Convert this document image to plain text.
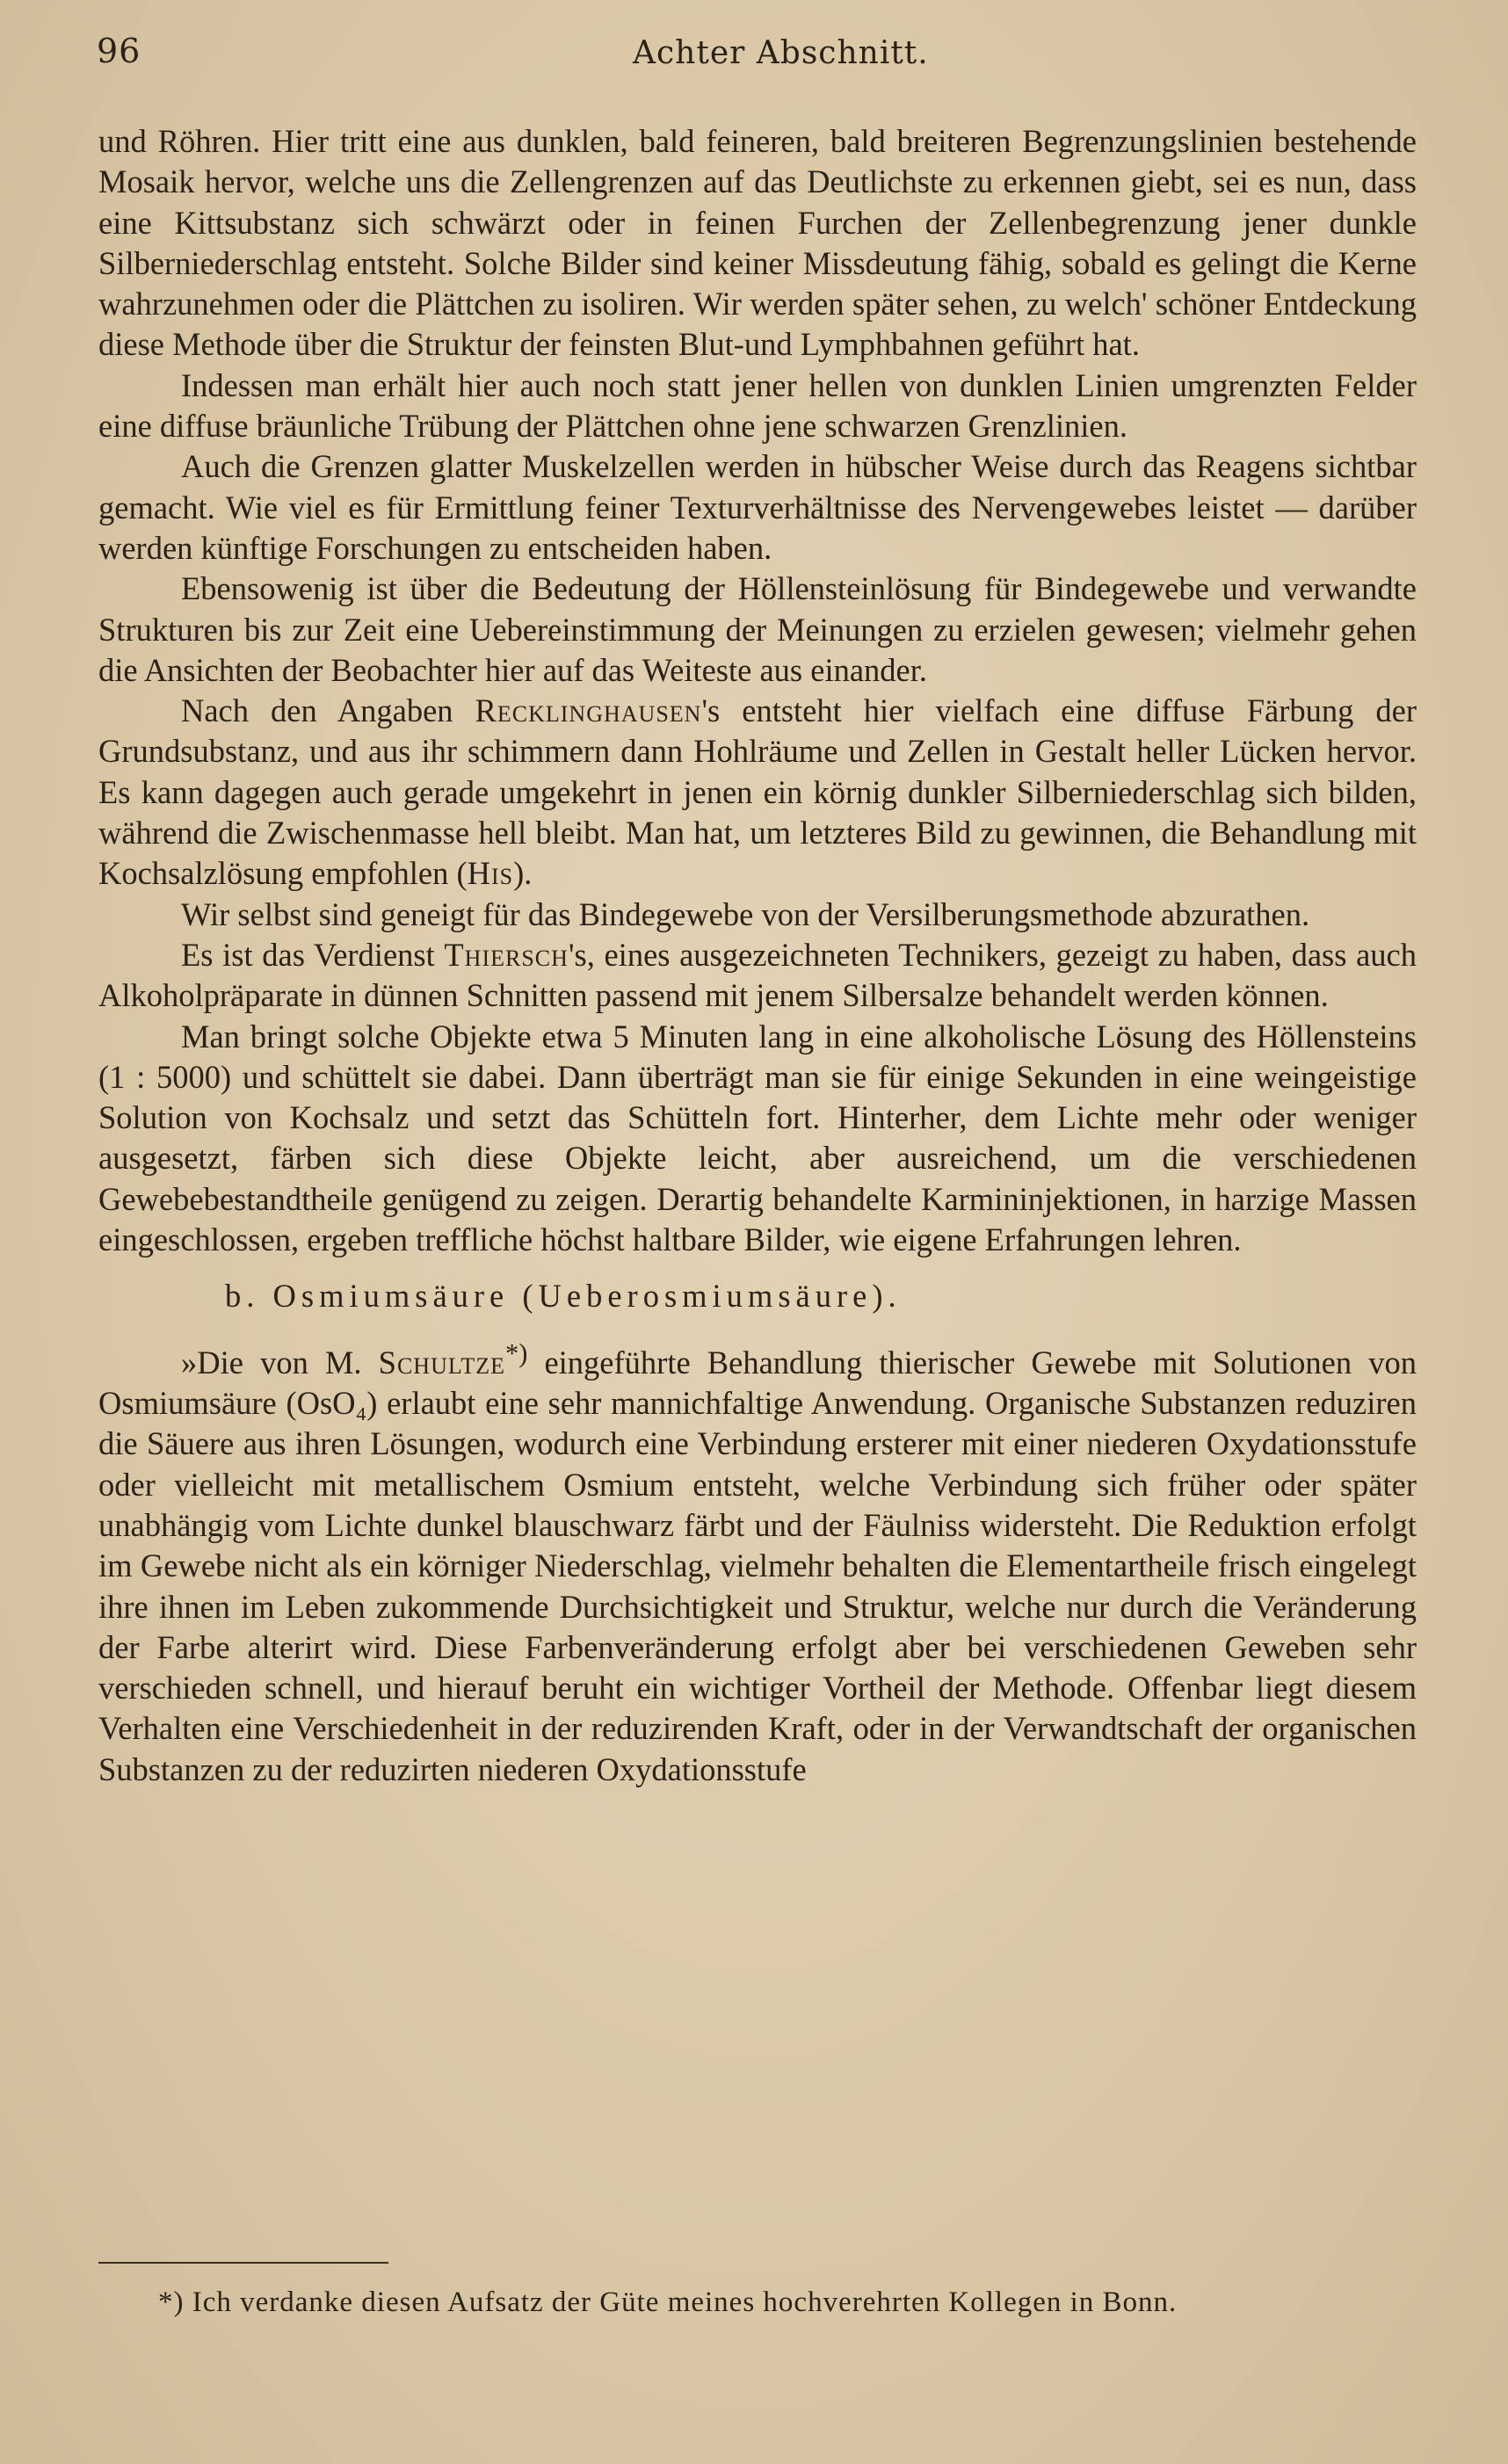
96	Achter Abschnitt.

und Röhren. Hier tritt eine aus dunklen, bald feineren, bald breiteren Begrenzungslinien bestehende Mosaik hervor, welche uns die Zellengrenzen auf das Deutlichste zu erkennen giebt, sei es nun, dass eine Kittsubstanz sich schwärzt oder in feinen Furchen der Zellenbegrenzung jener dunkle Silberniederschlag entsteht. Solche Bilder sind keiner Missdeutung fähig, sobald es gelingt die Kerne wahrzunehmen oder die Plättchen zu isoliren. Wir werden später sehen, zu welch' schöner Entdeckung diese Methode über die Struktur der feinsten Blut-und Lymphbahnen geführt hat.

Indessen man erhält hier auch noch statt jener hellen von dunklen Linien umgrenzten Felder eine diffuse bräunliche Trübung der Plättchen ohne jene schwarzen Grenzlinien.

Auch die Grenzen glatter Muskelzellen werden in hübscher Weise durch das Reagens sichtbar gemacht. Wie viel es für Ermittlung feiner Texturverhältnisse des Nervengewebes leistet — darüber werden künftige Forschungen zu entscheiden haben.

Ebensowenig ist über die Bedeutung der Höllensteinlösung für Bindegewebe und verwandte Strukturen bis zur Zeit eine Uebereinstimmung der Meinungen zu erzielen gewesen; vielmehr gehen die Ansichten der Beobachter hier auf das Weiteste aus einander.

Nach den Angaben Recklinghausen's entsteht hier vielfach eine diffuse Färbung der Grundsubstanz, und aus ihr schimmern dann Hohlräume und Zellen in Gestalt heller Lücken hervor. Es kann dagegen auch gerade umgekehrt in jenen ein körnig dunkler Silberniederschlag sich bilden, während die Zwischenmasse hell bleibt. Man hat, um letzteres Bild zu gewinnen, die Behandlung mit Kochsalzlösung empfohlen (His).

Wir selbst sind geneigt für das Bindegewebe von der Versilberungsmethode abzurathen.

Es ist das Verdienst Thiersch's, eines ausgezeichneten Technikers, gezeigt zu haben, dass auch Alkoholpräparate in dünnen Schnitten passend mit jenem Silbersalze behandelt werden können.

Man bringt solche Objekte etwa 5 Minuten lang in eine alkoholische Lösung des Höllensteins (1 : 5000) und schüttelt sie dabei. Dann überträgt man sie für einige Sekunden in eine weingeistige Solution von Kochsalz und setzt das Schütteln fort. Hinterher, dem Lichte mehr oder weniger ausgesetzt, färben sich diese Objekte leicht, aber ausreichend, um die verschiedenen Gewebebestandtheile genügend zu zeigen. Derartig behandelte Karmininjektionen, in harzige Massen eingeschlossen, ergeben treffliche höchst haltbare Bilder, wie eigene Erfahrungen lehren.

b. Osmiumsäure (Ueberosmiumsäure).

»Die von M. Schultze*) eingeführte Behandlung thierischer Gewebe mit Solutionen von Osmiumsäure (OsO₄) erlaubt eine sehr mannichfaltige Anwendung. Organische Substanzen reduziren die Säuere aus ihren Lösungen, wodurch eine Verbindung ersterer mit einer niederen Oxydationsstufe oder vielleicht mit metallischem Osmium entsteht, welche Verbindung sich früher oder später unabhängig vom Lichte dunkel blauschwarz färbt und der Fäulniss widersteht. Die Reduktion erfolgt im Gewebe nicht als ein körniger Niederschlag, vielmehr behalten die Elementartheile frisch eingelegt ihre ihnen im Leben zukommende Durchsichtigkeit und Struktur, welche nur durch die Veränderung der Farbe alterirt wird. Diese Farbenveränderung erfolgt aber bei verschiedenen Geweben sehr verschieden schnell, und hierauf beruht ein wichtiger Vortheil der Methode. Offenbar liegt diesem Verhalten eine Verschiedenheit in der reduzirenden Kraft, oder in der Verwandtschaft der organischen Substanzen zu der reduzirten niederen Oxydationsstufe

*) Ich verdanke diesen Aufsatz der Güte meines hochverehrten Kollegen in Bonn.
